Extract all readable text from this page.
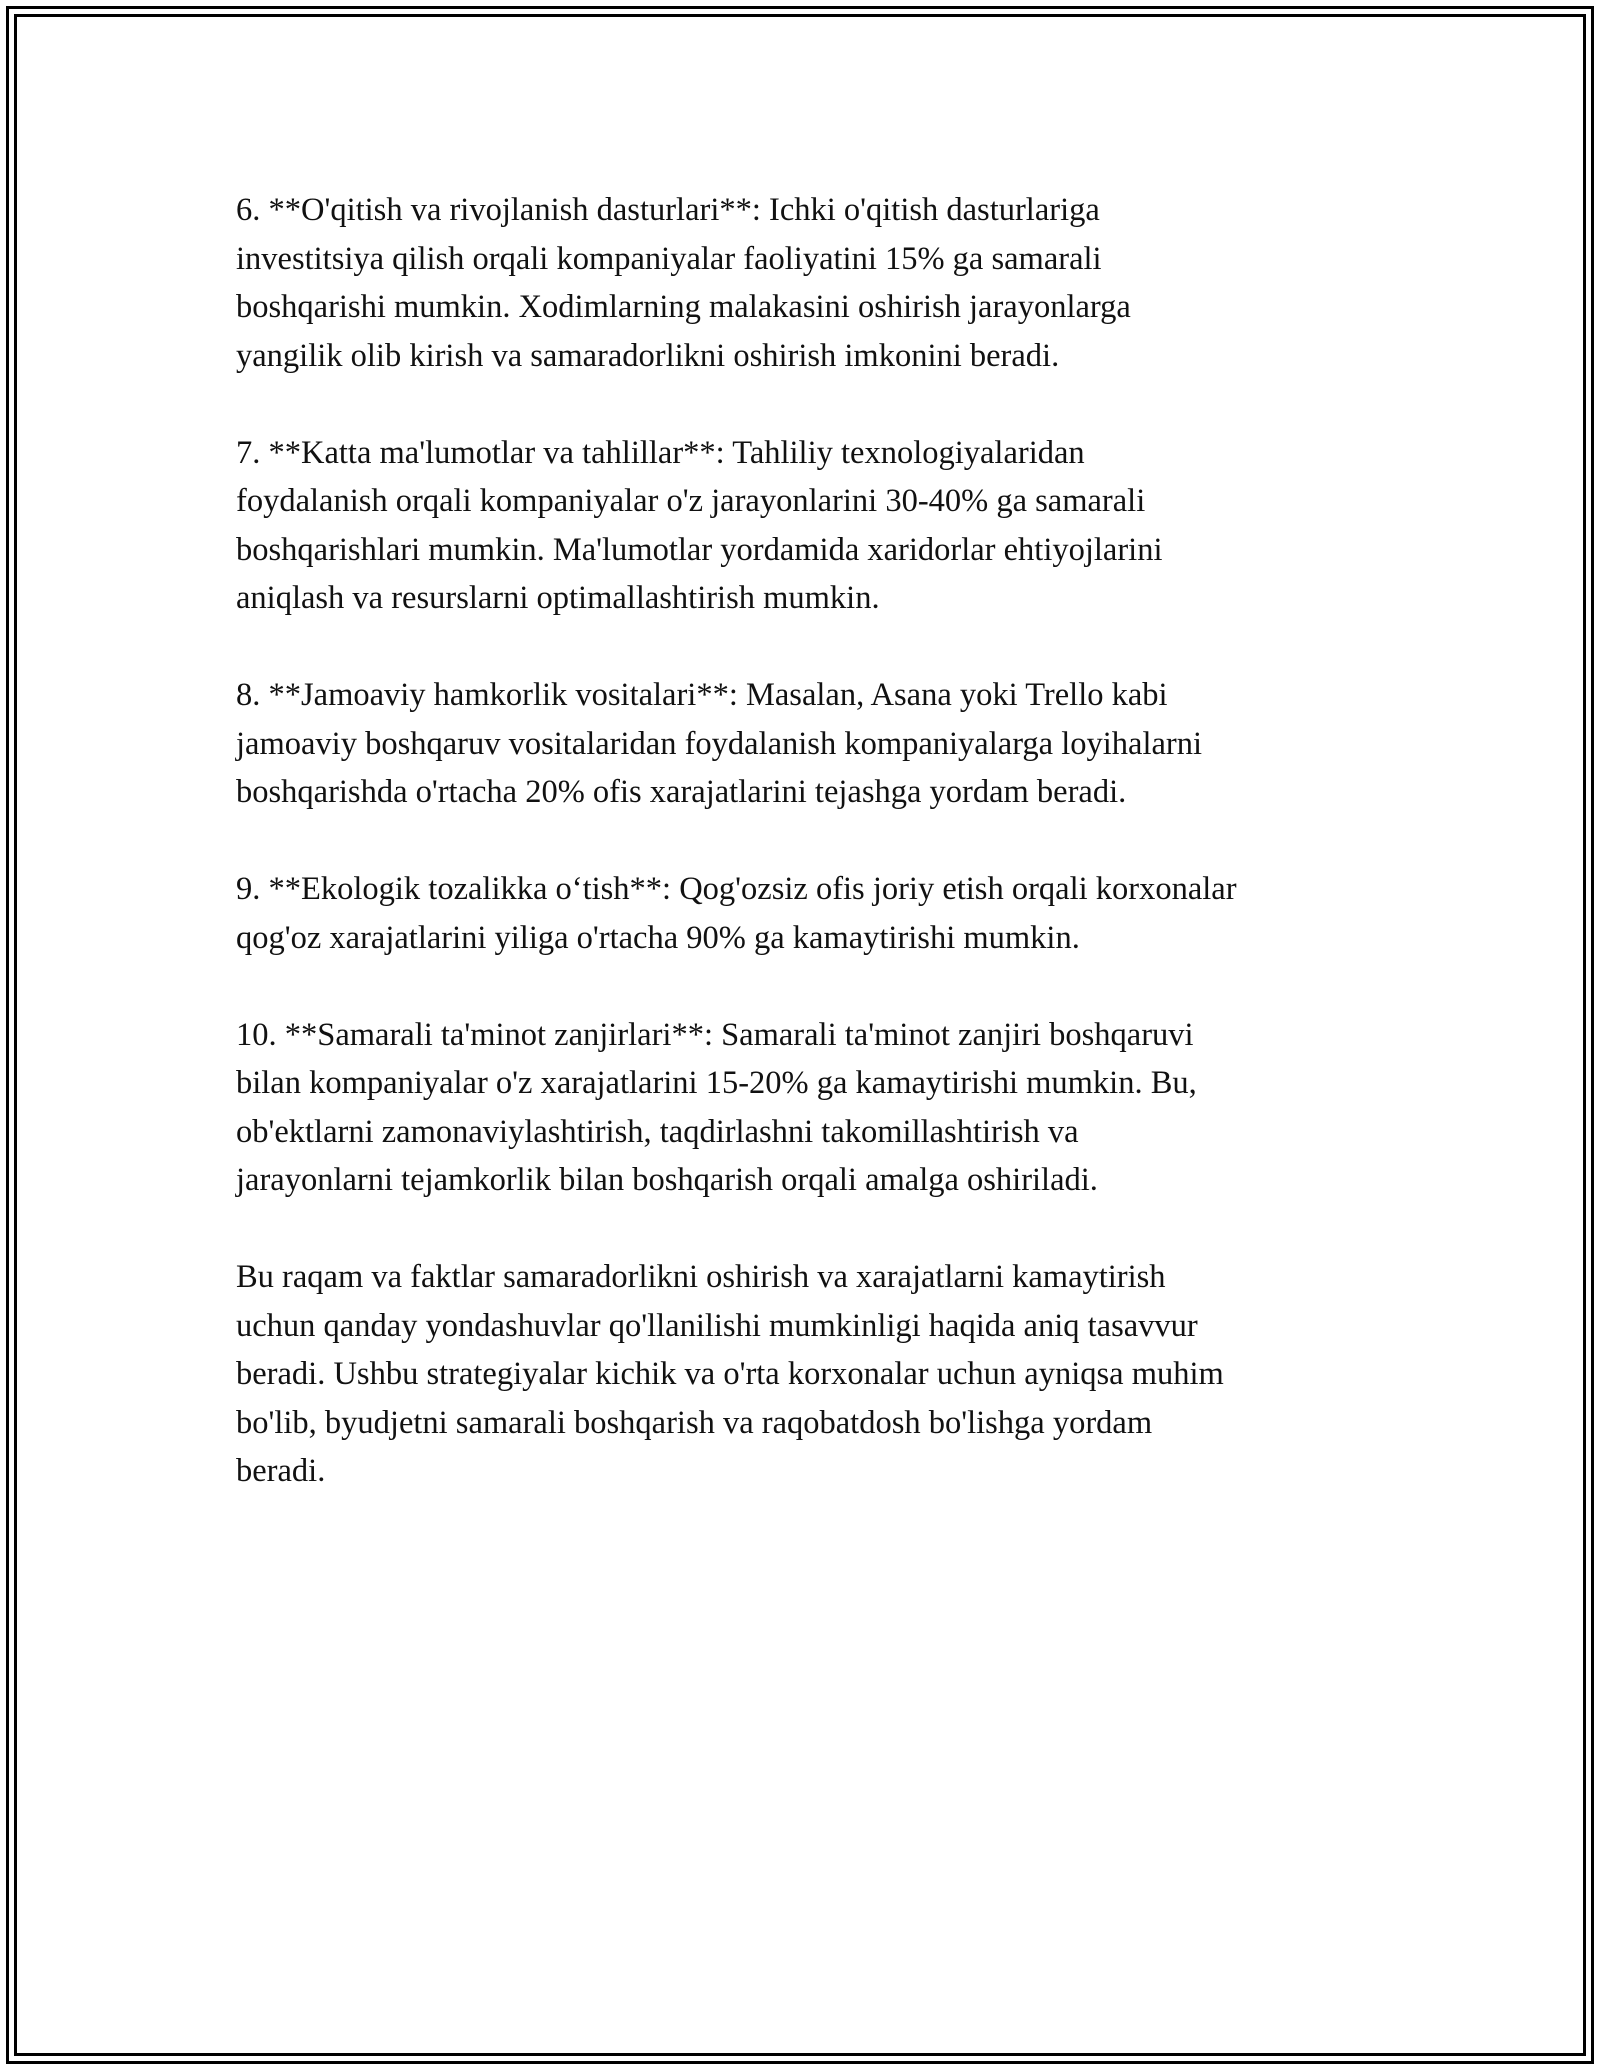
6. **O'qitish va rivojlanish dasturlari**: Ichki o'qitish dasturlariga
investitsiya qilish orqali kompaniyalar faoliyatini 15% ga samarali
boshqarishi mumkin. Xodimlarning malakasini oshirish jarayonlarga
yangilik olib kirish va samaradorlikni oshirish imkonini beradi.

7. **Katta ma'lumotlar va tahlillar**: Tahliliy texnologiyalaridan
foydalanish orqali kompaniyalar o'z jarayonlarini 30-40% ga samarali
boshqarishlari mumkin. Ma'lumotlar yordamida xaridorlar ehtiyojlarini
aniqlash va resurslarni optimallashtirish mumkin.

8. **Jamoaviy hamkorlik vositalari**: Masalan, Asana yoki Trello kabi
jamoaviy boshqaruv vositalaridan foydalanish kompaniyalarga loyihalarni
boshqarishda o'rtacha 20% ofis xarajatlarini tejashga yordam beradi.

9. **Ekologik tozalikka o‘tish**: Qog'ozsiz ofis joriy etish orqali korxonalar
qog'oz xarajatlarini yiliga o'rtacha 90% ga kamaytirishi mumkin.

10. **Samarali ta'minot zanjirlari**: Samarali ta'minot zanjiri boshqaruvi
bilan kompaniyalar o'z xarajatlarini 15-20% ga kamaytirishi mumkin. Bu,
ob'ektlarni zamonaviylashtirish, taqdirlashni takomillashtirish va
jarayonlarni tejamkorlik bilan boshqarish orqali amalga oshiriladi.

Bu raqam va faktlar samaradorlikni oshirish va xarajatlarni kamaytirish
uchun qanday yondashuvlar qo'llanilishi mumkinligi haqida aniq tasavvur
beradi. Ushbu strategiyalar kichik va o'rta korxonalar uchun ayniqsa muhim
bo'lib, byudjetni samarali boshqarish va raqobatdosh bo'lishga yordam
beradi.
